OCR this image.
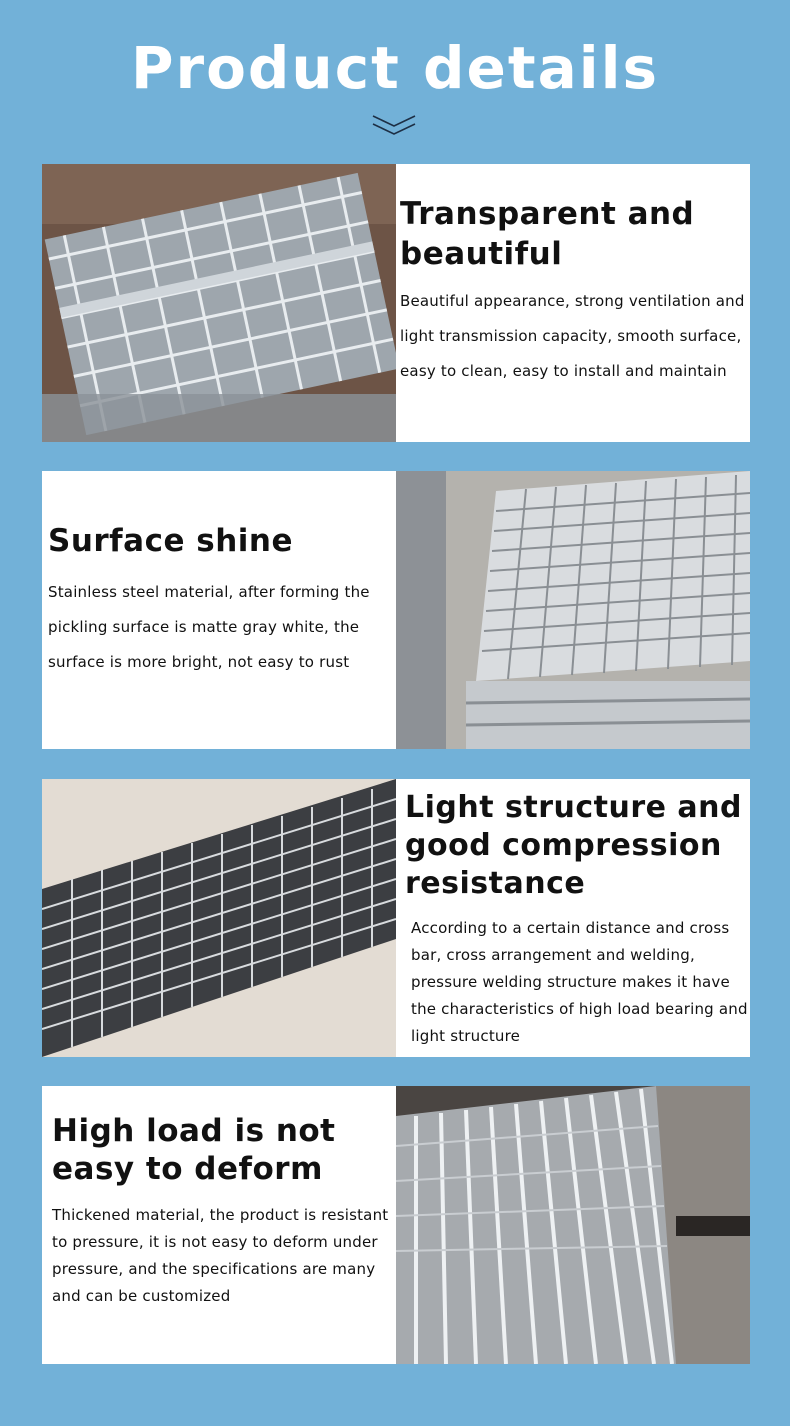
Product details
Transparent and beautiful

Beautiful appearance, strong ventilation and light transmission capacity, smooth surface, easy to clean, easy to install and maintain

Surface shine

Stainless steel material, after forming the pickling surface is matte gray white, the surface is more bright, not easy to rust

Light structure and good compression resistance

According to a certain distance and cross bar, cross arrangement and welding, pressure welding structure makes it have the characteristics of high load bearing and light structure

High load is not easy to deform

Thickened material, the product is resistant to pressure, it is not easy to deform under pressure, and the specifications are many and can be customized
